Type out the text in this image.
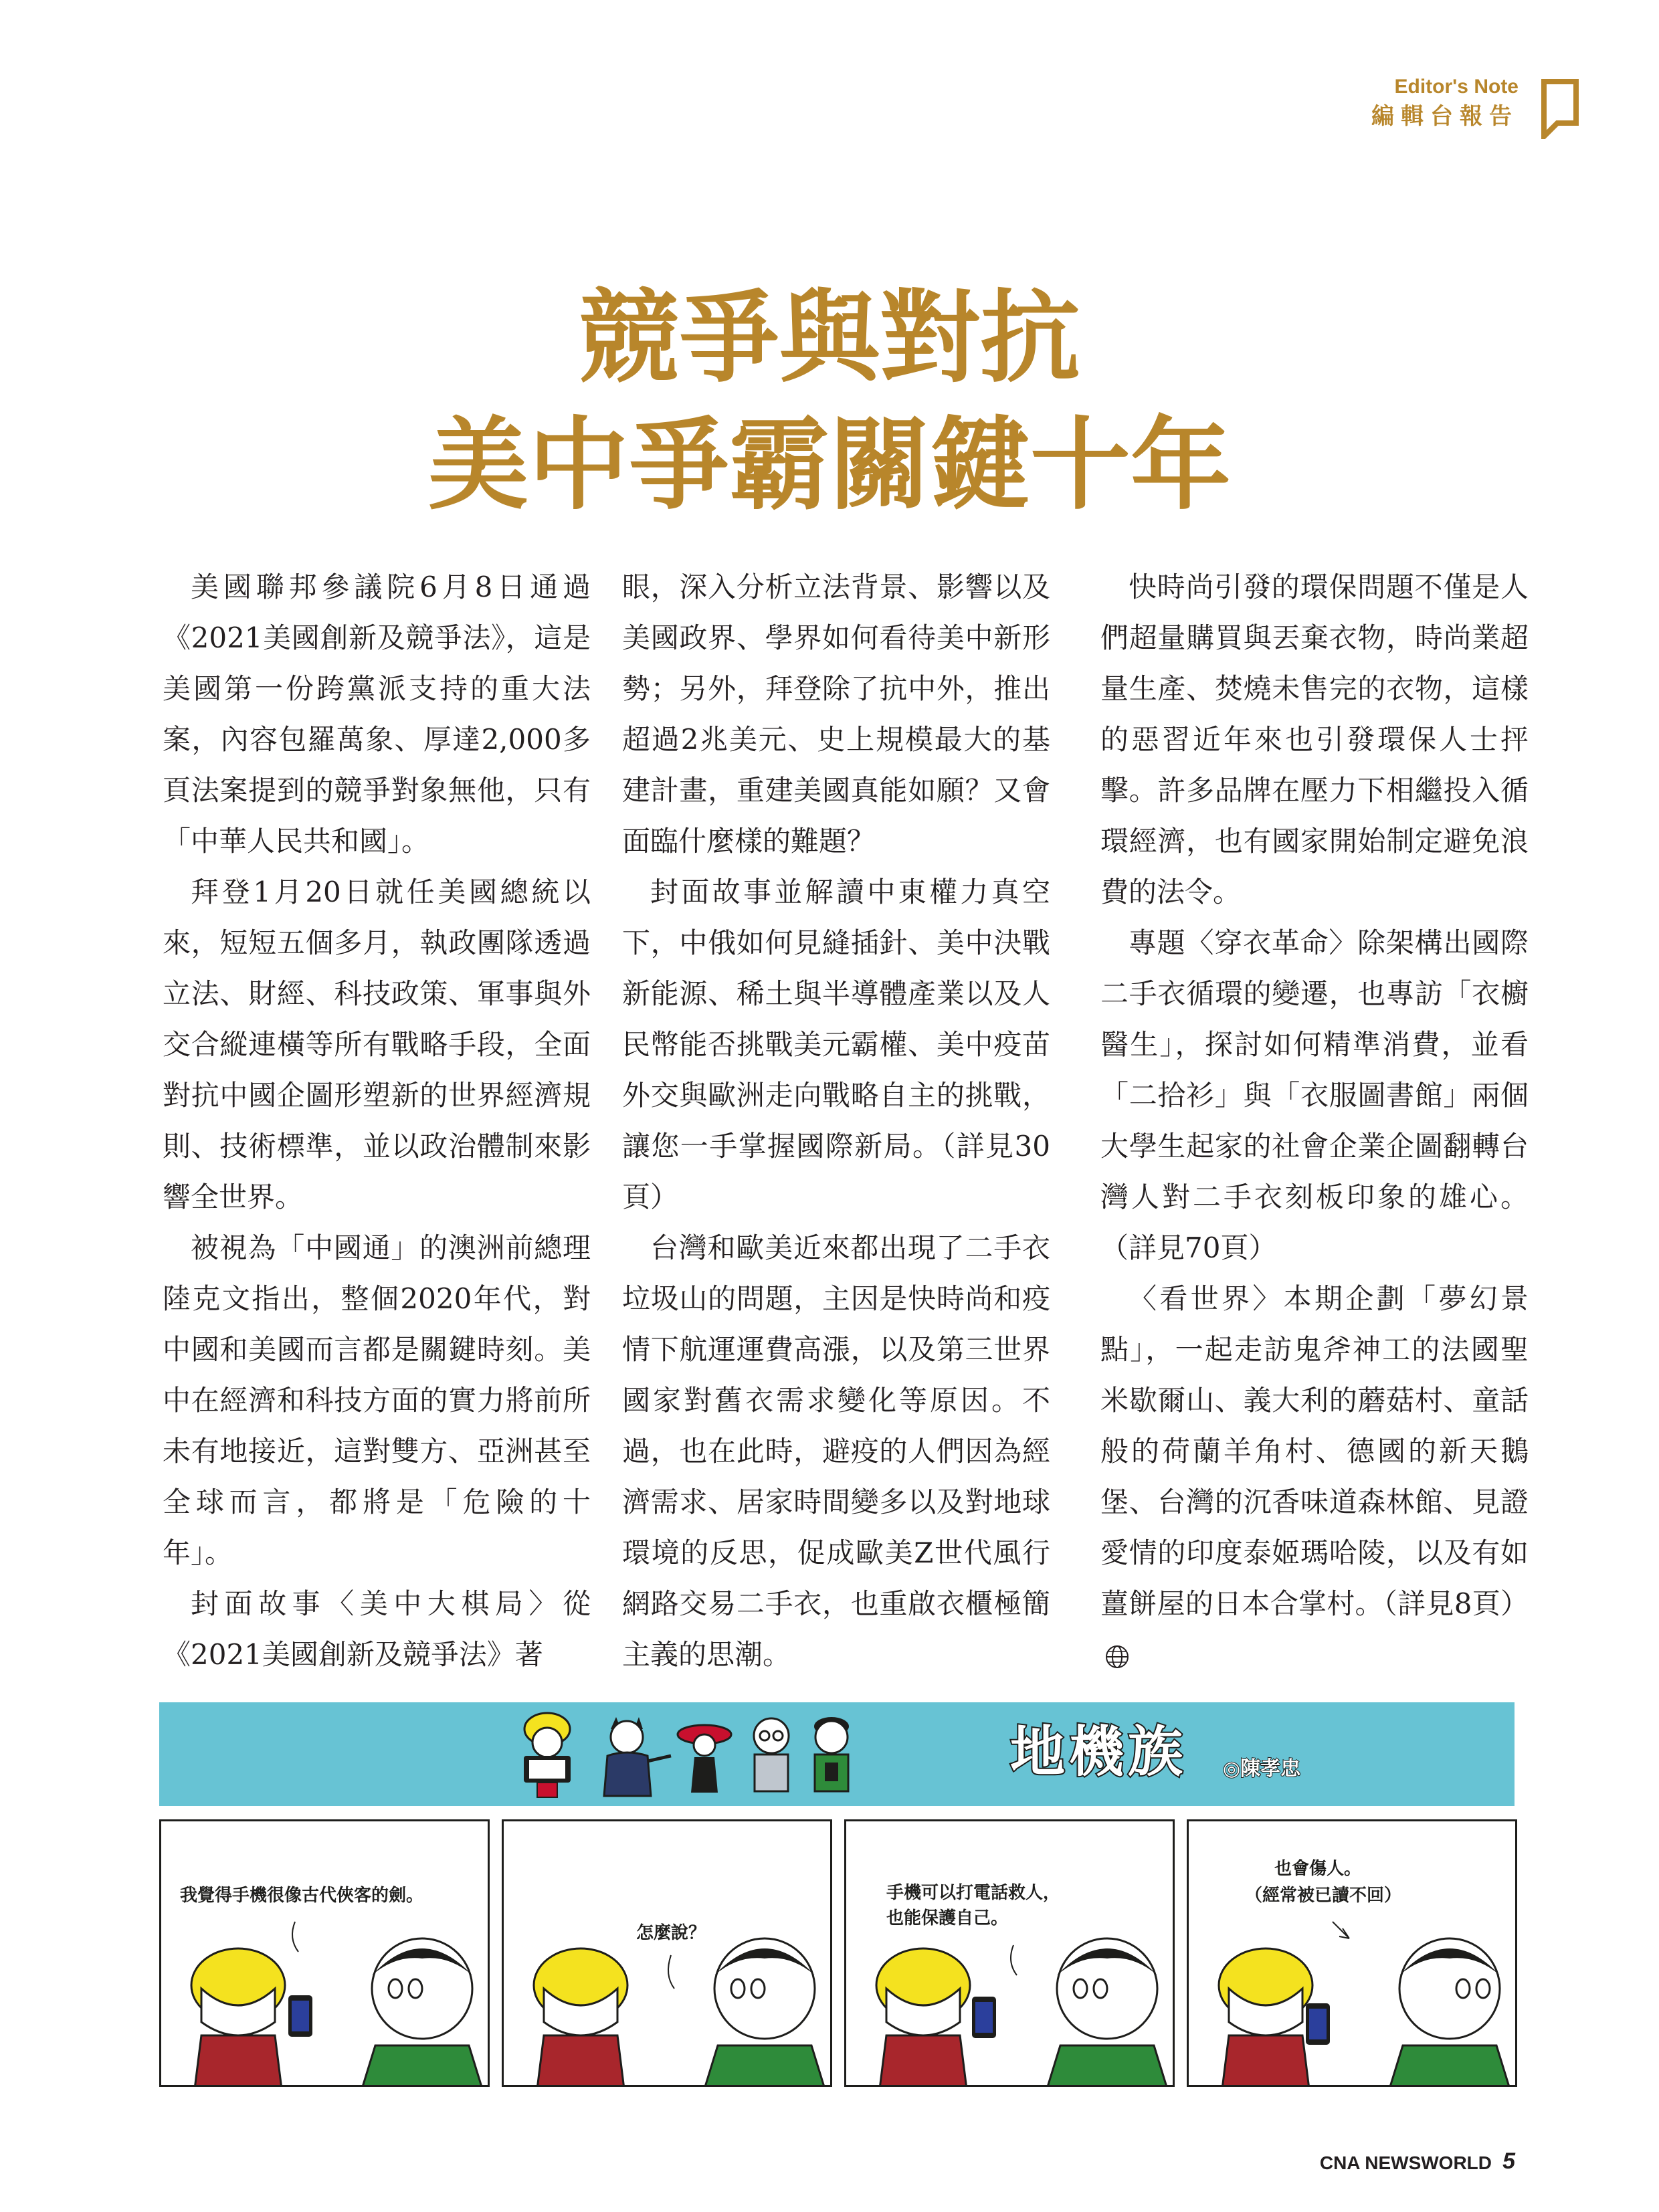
Editor's Note
編輯台報告
競爭與對抗
美中爭霸關鍵十年

美國聯邦參議院6月8日通過《2021美國創新及競爭法》，這是美國第一份跨黨派支持的重大法案，內容包羅萬象、厚達2,000多頁法案提到的競爭對象無他，只有「中華人民共和國」。

拜登1月20日就任美國總統以來，短短五個多月，執政團隊透過立法、財經、科技政策、軍事與外交合縱連橫等所有戰略手段，全面對抗中國企圖形塑新的世界經濟規則、技術標準，並以政治體制來影響全世界。

被視為「中國通」的澳洲前總理陸克文指出，整個2020年代，對中國和美國而言都是關鍵時刻。美中在經濟和科技方面的實力將前所未有地接近，這對雙方、亞洲甚至全球而言，都將是「危險的十年」。

封面故事〈美中大棋局〉從《2021美國創新及競爭法》著

眼，深入分析立法背景、影響以及美國政界、學界如何看待美中新形勢；另外，拜登除了抗中外，推出超過2兆美元、史上規模最大的基建計畫，重建美國真能如願？又會面臨什麼樣的難題？

封面故事並解讀中東權力真空下，中俄如何見縫插針、美中決戰新能源、稀土與半導體產業以及人民幣能否挑戰美元霸權、美中疫苗外交與歐洲走向戰略自主的挑戰，讓您一手掌握國際新局。（詳見30頁）

台灣和歐美近來都出現了二手衣垃圾山的問題，主因是快時尚和疫情下航運運費高漲，以及第三世界國家對舊衣需求變化等原因。不過，也在此時，避疫的人們因為經濟需求、居家時間變多以及對地球環境的反思，促成歐美Z世代風行網路交易二手衣，也重啟衣櫃極簡主義的思潮。

快時尚引發的環保問題不僅是人們超量購買與丟棄衣物，時尚業超量生產、焚燒未售完的衣物，這樣的惡習近年來也引發環保人士抨擊。許多品牌在壓力下相繼投入循環經濟，也有國家開始制定避免浪費的法令。

專題〈穿衣革命〉除架構出國際二手衣循環的變遷，也專訪「衣櫥醫生」，探討如何精準消費，並看「二拾衫」與「衣服圖書館」兩個大學生起家的社會企業企圖翻轉台灣人對二手衣刻板印象的雄心。（詳見70頁）

〈看世界〉本期企劃「夢幻景點」，一起走訪鬼斧神工的法國聖米歇爾山、義大利的蘑菇村、童話般的荷蘭羊角村、德國的新天鵝堡、台灣的沉香味道森林館、見證愛情的印度泰姬瑪哈陵，以及有如薑餅屋的日本合掌村。（詳見8頁）

地機族 ◎陳孝忠
我覺得手機很像古代俠客的劍。
怎麼說？
手機可以打電話救人，
也能保護自己。
也會傷人。
（經常被已讀不回）
CNA NEWSWORLD 5
